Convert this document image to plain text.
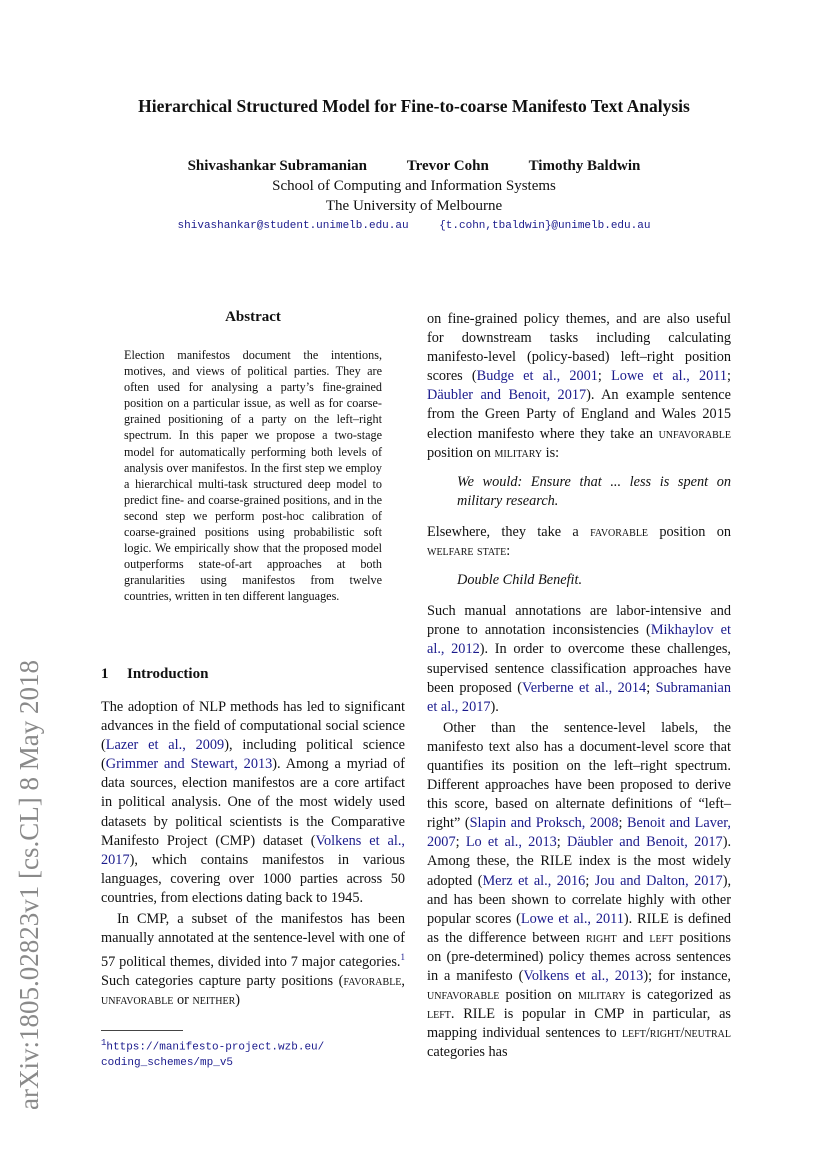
Hierarchical Structured Model for Fine-to-coarse Manifesto Text Analysis
Shivashankar Subramanian	Trevor Cohn	Timothy Baldwin
School of Computing and Information Systems
The University of Melbourne
shivashankar@student.unimelb.edu.au	{t.cohn,tbaldwin}@unimelb.edu.au
arXiv:1805.02823v1 [cs.CL] 8 May 2018
Abstract
Election manifestos document the intentions, motives, and views of political parties. They are often used for analysing a party’s fine-grained position on a particular issue, as well as for coarse-grained positioning of a party on the left–right spectrum. In this paper we propose a two-stage model for automatically performing both levels of analysis over manifestos. In the first step we employ a hierarchical multi-task structured deep model to predict fine- and coarse-grained positions, and in the second step we perform post-hoc calibration of coarse-grained positions using probabilistic soft logic. We empirically show that the proposed model outperforms state-of-art approaches at both granularities using manifestos from twelve countries, written in ten different languages.
1 Introduction

The adoption of NLP methods has led to significant advances in the field of computational social science (Lazer et al., 2009), including political science (Grimmer and Stewart, 2013). Among a myriad of data sources, election manifestos are a core artifact in political analysis. One of the most widely used datasets by political scientists is the Comparative Manifesto Project (CMP) dataset (Volkens et al., 2017), which contains manifestos in various languages, covering over 1000 parties across 50 countries, from elections dating back to 1945.

In CMP, a subset of the manifestos has been manually annotated at the sentence-level with one of 57 political themes, divided into 7 major categories.$^1$ Such categories capture party positions (favorable, unfavorable or neither)

on fine-grained policy themes, and are also useful for downstream tasks including calculating manifesto-level (policy-based) left–right position scores (Budge et al., 2001; Lowe et al., 2011; Däubler and Benoit, 2017). An example sentence from the Green Party of England and Wales 2015 election manifesto where they take an unfavorable position on military is:

We would: Ensure that ... less is spent on military research.

Elsewhere, they take a favorable position on welfare state:

Double Child Benefit.

Such manual annotations are labor-intensive and prone to annotation inconsistencies (Mikhaylov et al., 2012). In order to overcome these challenges, supervised sentence classification approaches have been proposed (Verberne et al., 2014; Subramanian et al., 2017).

Other than the sentence-level labels, the manifesto text also has a document-level score that quantifies its position on the left–right spectrum. Different approaches have been proposed to derive this score, based on alternate definitions of “left–right” (Slapin and Proksch, 2008; Benoit and Laver, 2007; Lo et al., 2013; Däubler and Benoit, 2017). Among these, the RILE index is the most widely adopted (Merz et al., 2016; Jou and Dalton, 2017), and has been shown to correlate highly with other popular scores (Lowe et al., 2011). RILE is defined as the difference between right and left positions on (pre-determined) policy themes across sentences in a manifesto (Volkens et al., 2013); for instance, unfavorable position on military is categorized as left. RILE is popular in CMP in particular, as mapping individual sentences to left/right/neutral categories has

$^1$https://manifesto-project.wzb.eu/
coding_schemes/mp_v5
